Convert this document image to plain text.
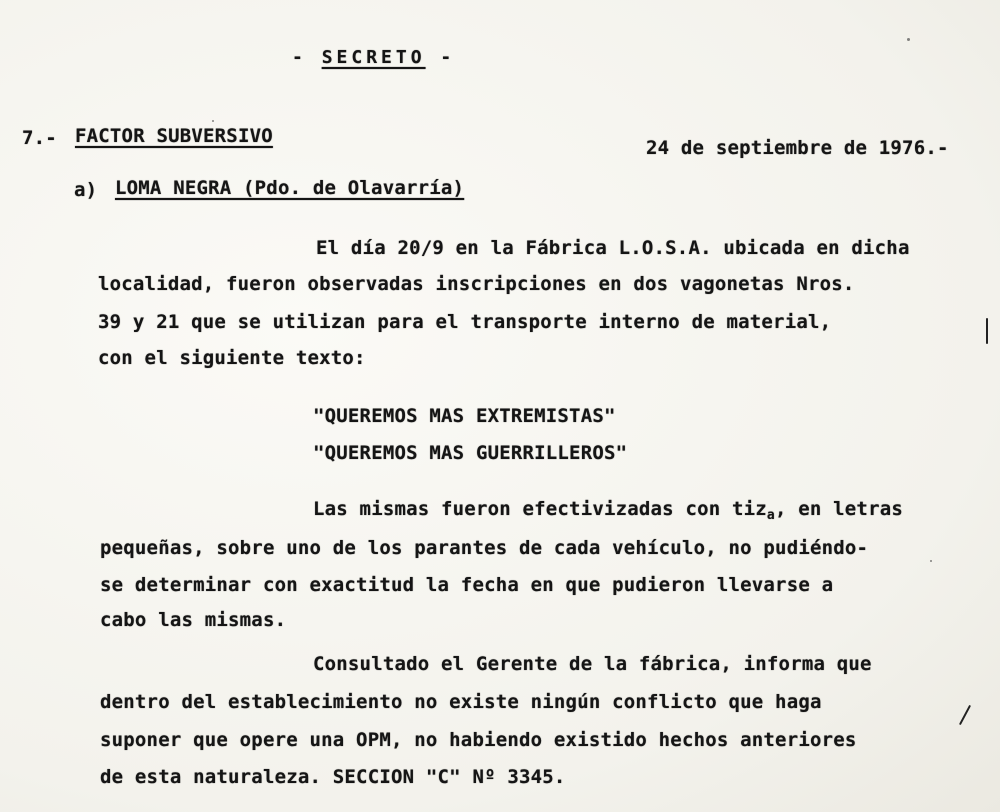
- SECRETO -
7.- FACTOR SUBVERSIVO
24 de septiembre de 1976.-
a) LOMA NEGRA (Pdo. de Olavarría)
El día 20/9 en la Fábrica L.O.S.A. ubicada en dicha
localidad, fueron observadas inscripciones en dos vagonetas Nros.
39 y 21 que se utilizan para el transporte interno de material,
con el siguiente texto:
"QUEREMOS MAS EXTREMISTAS"
"QUEREMOS MAS GUERRILLEROS"
Las mismas fueron efectivizadas con tiz$_a$, en letras
pequeñas, sobre uno de los parantes de cada vehículo, no pudiéndo-
se determinar con exactitud la fecha en que pudieron llevarse a
cabo las mismas.
Consultado el Gerente de la fábrica, informa que
dentro del establecimiento no existe ningún conflicto que haga
suponer que opere una OPM, no habiendo existido hechos anteriores
de esta naturaleza. SECCION "C" Nº 3345.
